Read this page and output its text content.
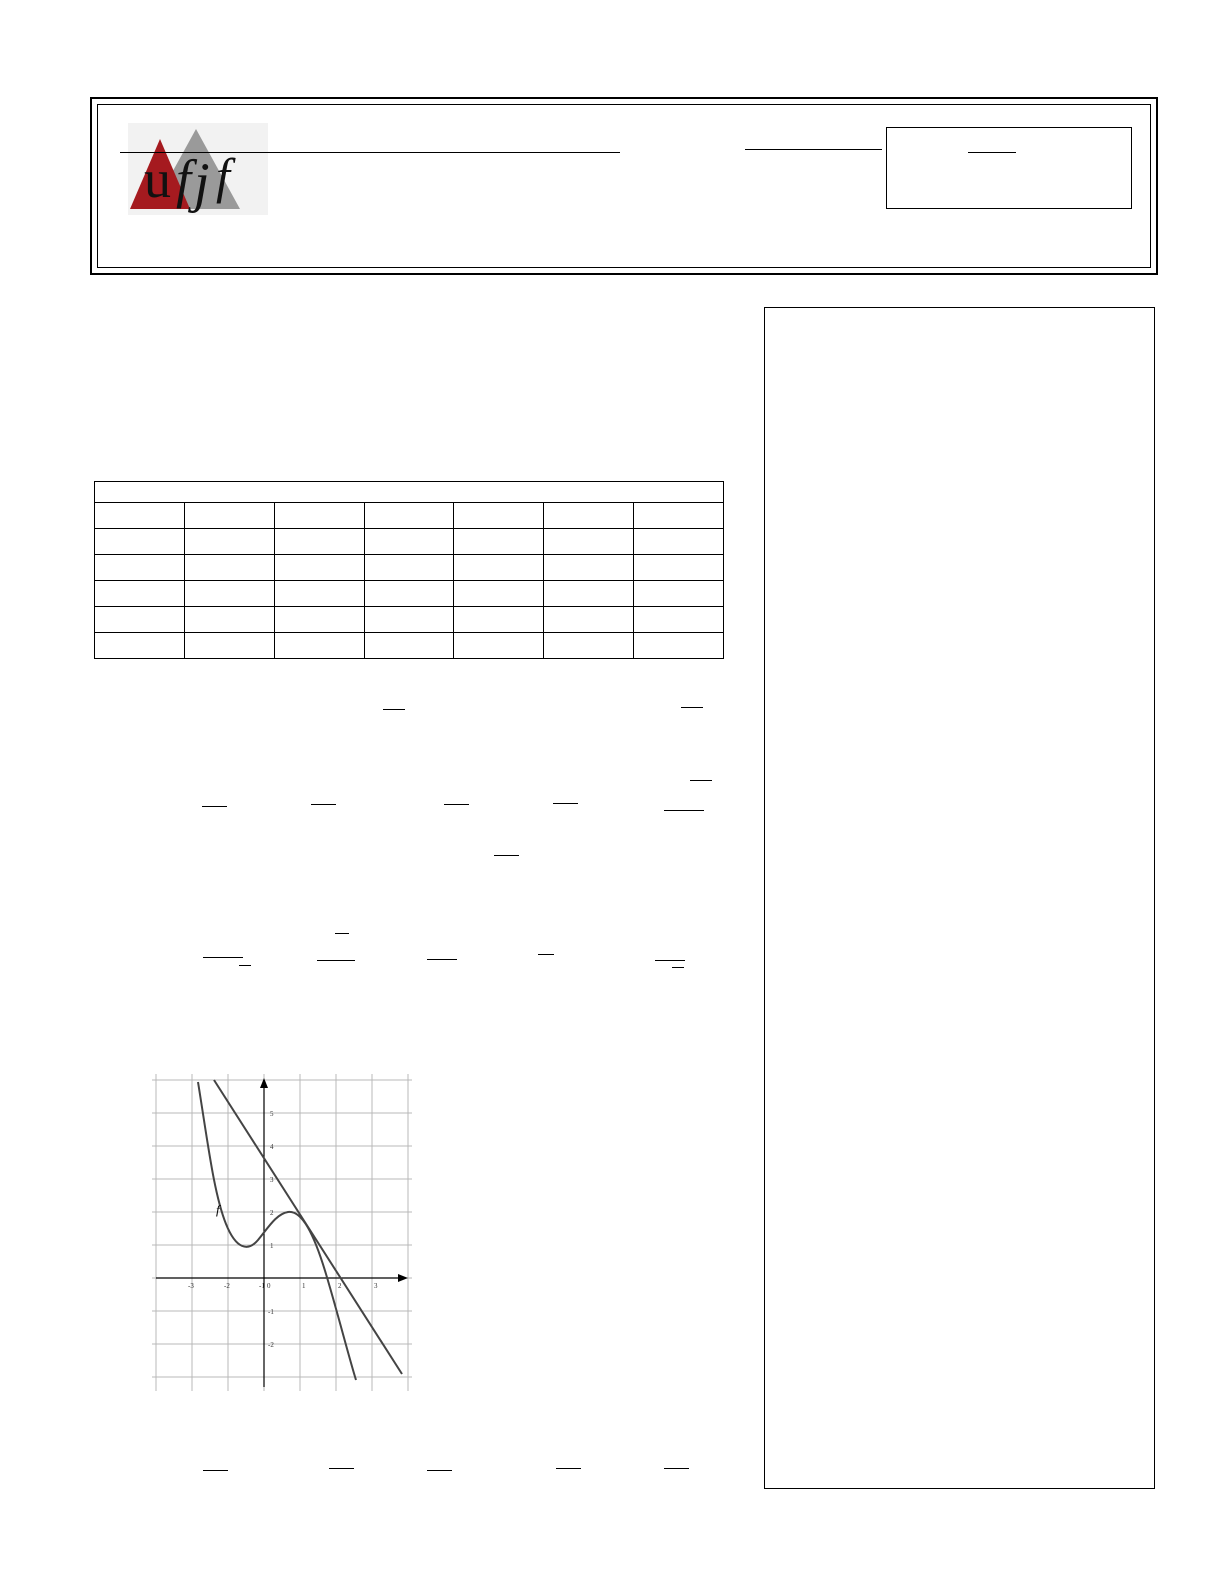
u f j f

-3	-2	-1 0	1	2	3
5
4
3
2
1
-1
-2
f
